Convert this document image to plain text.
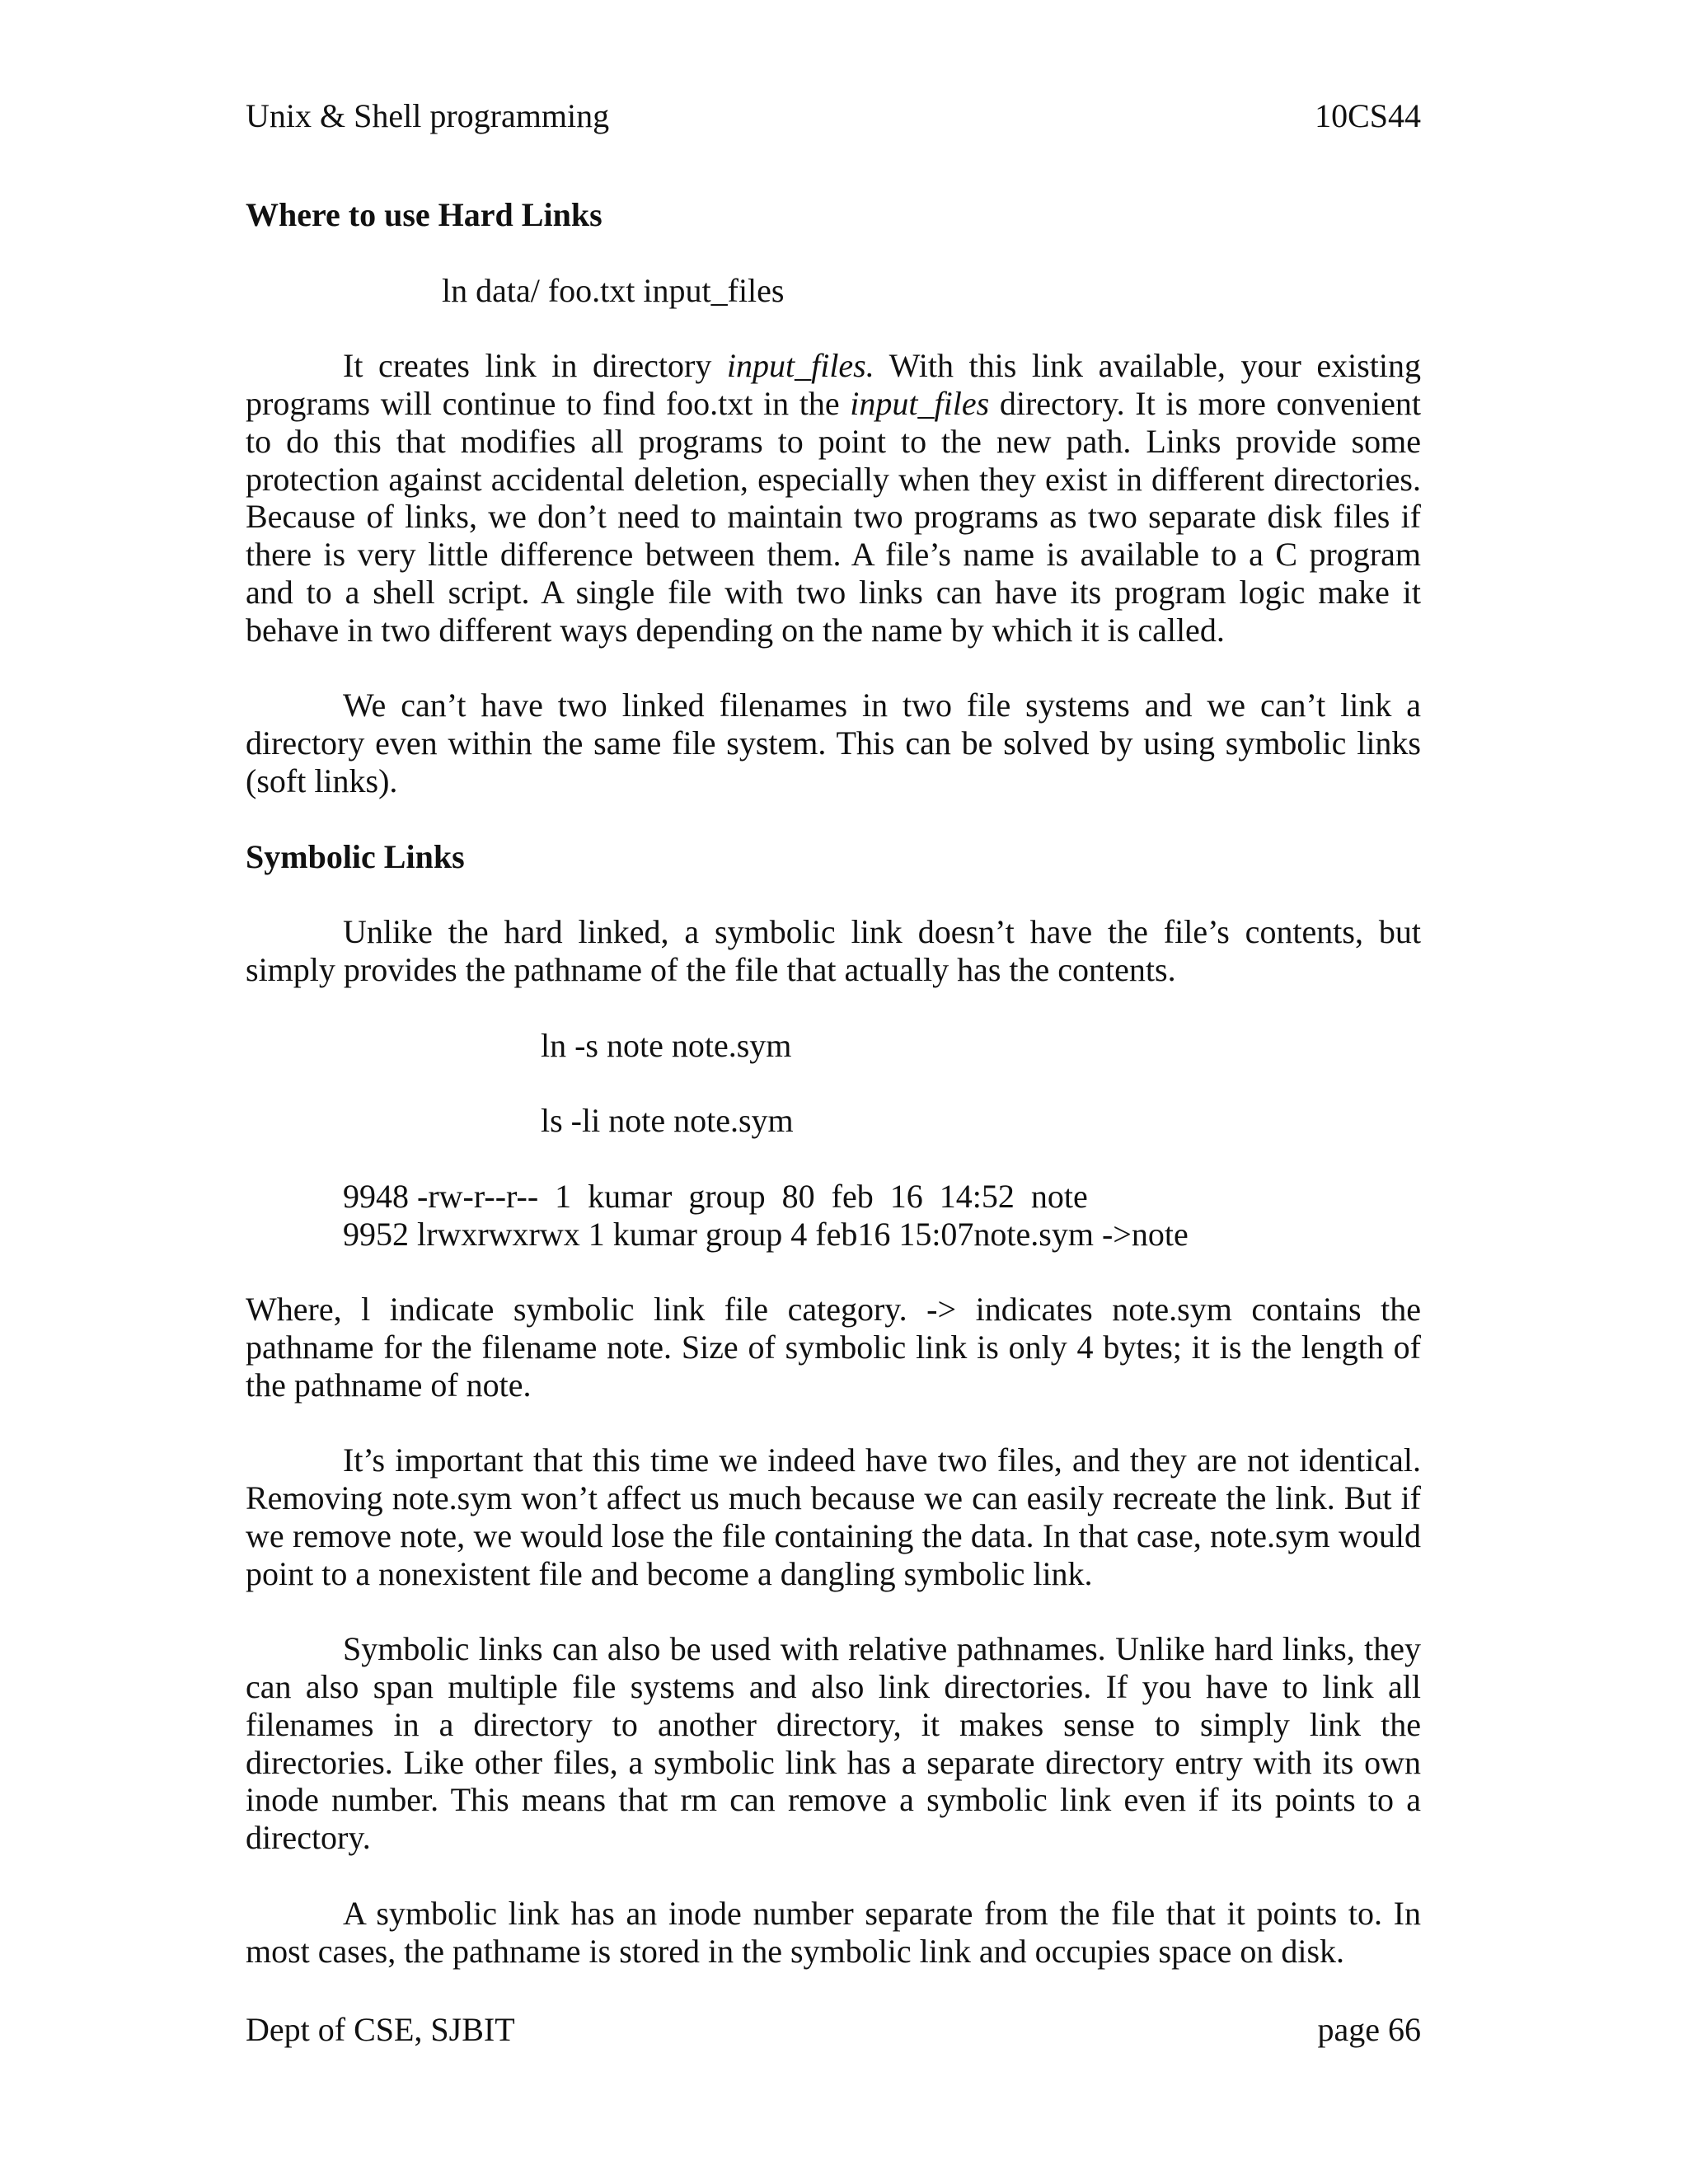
Unix & Shell programming	10CS44

Where to use Hard Links

ln data/ foo.txt input_files

It creates link in directory input_files. With this link available, your existing programs will continue to find foo.txt in the input_files directory. It is more convenient to do this that modifies all programs to point to the new path. Links provide some protection against accidental deletion, especially when they exist in different directories. Because of links, we don’t need to maintain two programs as two separate disk files if there is very little difference between them. A file’s name is available to a C program and to a shell script. A single file with two links can have its program logic make it behave in two different ways depending on the name by which it is called.

We can’t have two linked filenames in two file systems and we can’t link a directory even within the same file system. This can be solved by using symbolic links (soft links).

Symbolic Links

Unlike the hard linked, a symbolic link doesn’t have the file’s contents, but simply provides the pathname of the file that actually has the contents.

ln -s note note.sym

ls -li note note.sym

9948 -rw-r--r--  1  kumar  group  80  feb  16  14:52  note

9952 lrwxrwxrwx 1 kumar group 4 feb16 15:07note.sym ->note

Where, l indicate symbolic link file category. -> indicates note.sym contains the pathname for the filename note. Size of symbolic link is only 4 bytes; it is the length of the pathname of note.

It’s important that this time we indeed have two files, and they are not identical. Removing note.sym won’t affect us much because we can easily recreate the link. But if we remove note, we would lose the file containing the data. In that case, note.sym would point to a nonexistent file and become a dangling symbolic link.

Symbolic links can also be used with relative pathnames. Unlike hard links, they can also span multiple file systems and also link directories. If you have to link all filenames in a directory to another directory, it makes sense to simply link the directories. Like other files, a symbolic link has a separate directory entry with its own inode number. This means that rm can remove a symbolic link even if its points to a directory.

A symbolic link has an inode number separate from the file that it points to. In most cases, the pathname is stored in the symbolic link and occupies space on disk.

Dept of CSE, SJBIT	page 66
